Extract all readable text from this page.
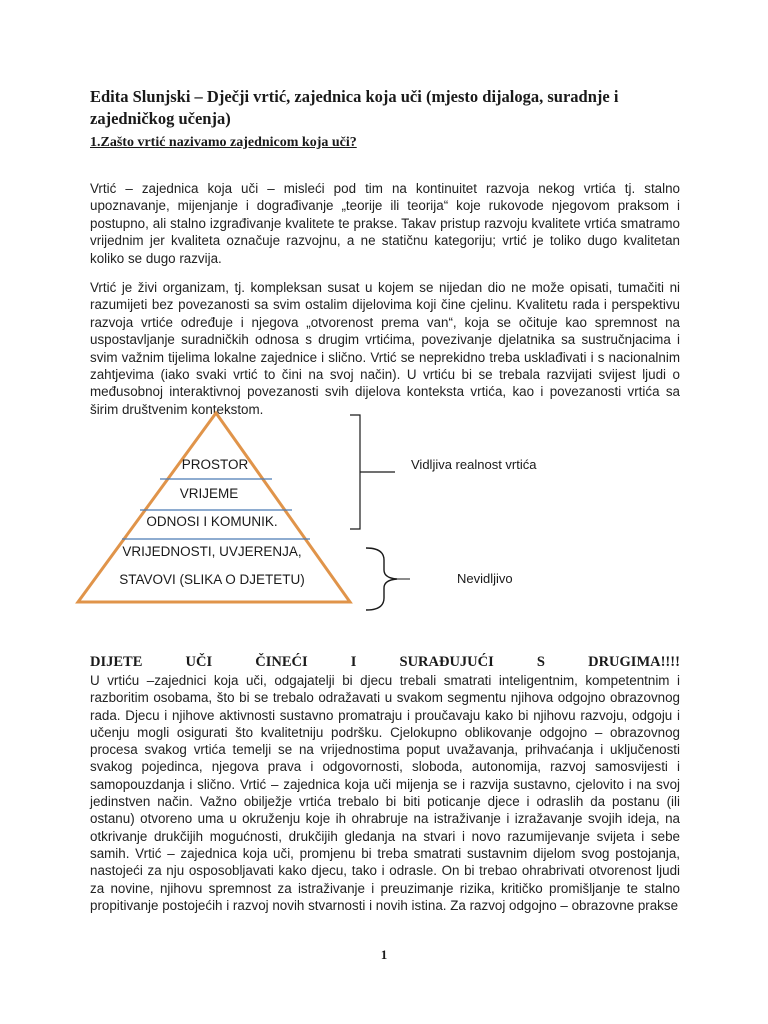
Edita Slunjski – Dječji vrtić, zajednica koja uči (mjesto dijaloga, suradnje i zajedničkog učenja)

1.Zašto vrtić nazivamo zajednicom koja uči?

Vrtić – zajednica koja uči – misleći pod tim na kontinuitet razvoja nekog vrtića tj. stalno upoznavanje, mijenjanje i dograđivanje „teorije ili teorija“ koje rukovode njegovom praksom i postupno, ali stalno izgrađivanje kvalitete te prakse. Takav pristup razvoju kvalitete vrtića smatramo vrijednim jer kvaliteta označuje razvojnu, a ne statičnu kategoriju; vrtić je toliko dugo kvalitetan koliko se dugo razvija.

Vrtić je živi organizam, tj. kompleksan susat u kojem se nijedan dio ne može opisati, tumačiti ni razumijeti bez povezanosti sa svim ostalim dijelovima koji čine cjelinu. Kvalitetu rada i perspektivu razvoja vrtiće određuje i njegova „otvorenost prema van“, koja se očituje kao spremnost na uspostavljanje suradničkih odnosa s drugim vrtićima, povezivanje djelatnika sa sustručnjacima i svim važnim tijelima lokalne zajednice i slično. Vrtić se neprekidno treba usklađivati i s nacionalnim zahtjevima (iako svaki vrtić to čini na svoj način). U vrtiću bi se trebala razvijati svijest ljudi o međusobnoj interaktivnoj povezanosti svih dijelova konteksta vrtića, kao i povezanosti vrtića sa širim društvenim kontekstom.

PROSTOR
VRIJEME
ODNOSI I KOMUNIK.
VRIJEDNOSTI, UVJERENJA,
STAVOVI (SLIKA O DJETETU)
Vidljiva realnost vrtića
Nevidljivo
DIJETE	UČI	ČINEĆI	I	SURAĐUJUĆI	S	DRUGIMA!!!!

U vrtiću –zajednici koja uči, odgajatelji bi djecu trebali smatrati inteligentnim, kompetentnim i razboritim osobama, što bi se trebalo odražavati u svakom segmentu njihova odgojno obrazovnog rada. Djecu i njihove aktivnosti sustavno promatraju i proučavaju kako bi njihovu razvoju, odgoju i učenju mogli osigurati što kvalitetniju podršku. Cjelokupno oblikovanje odgojno – obrazovnog procesa svakog vrtića temelji se na vrijednostima poput uvažavanja, prihvaćanja i uključenosti svakog pojedinca, njegova prava i odgovornosti, sloboda, autonomija, razvoj samosvijesti i samopouzdanja i slično. Vrtić – zajednica koja uči mijenja se i razvija sustavno, cjelovito i na svoj jedinstven način. Važno obilježje vrtića trebalo bi biti poticanje djece i odraslih da postanu (ili ostanu) otvoreno uma u okruženju koje ih ohrabruje na istraživanje i izražavanje svojih ideja, na otkrivanje drukčijih mogućnosti, drukčijih gledanja na stvari i novo razumijevanje svijeta i sebe samih. Vrtić – zajednica koja uči, promjenu bi treba smatrati sustavnim dijelom svog postojanja, nastojeći za nju osposobljavati kako djecu, tako i odrasle. On bi trebao ohrabrivati otvorenost ljudi za novine, njihovu spremnost za istraživanje i preuzimanje rizika, kritičko promišljanje te stalno propitivanje postojećih i razvoj novih stvarnosti i novih istina. Za razvoj odgojno – obrazovne prakse

1
